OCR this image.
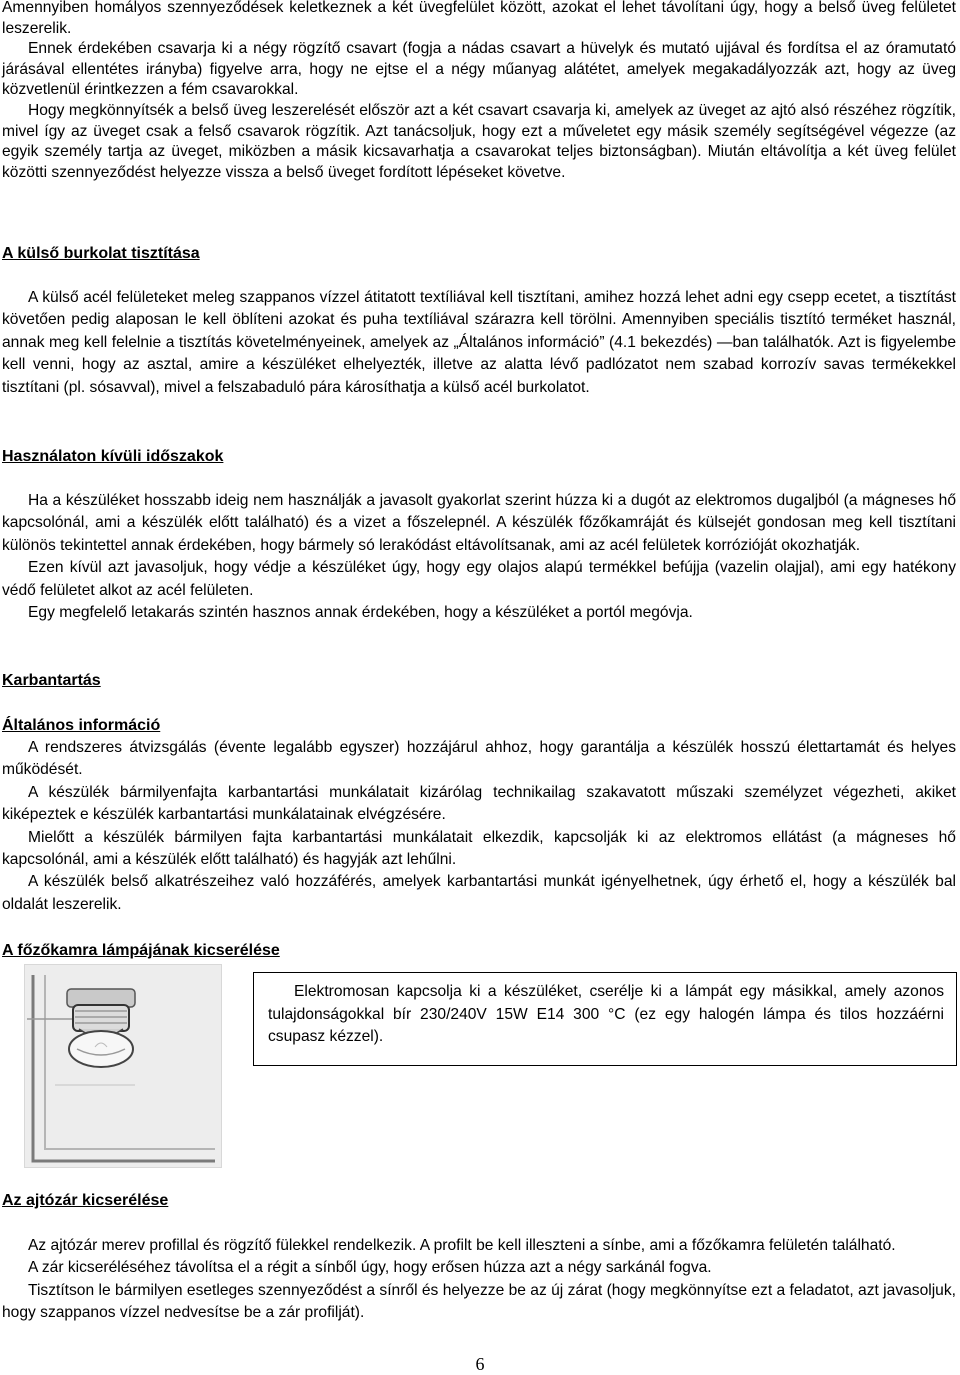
Amennyiben homályos szennyeződések keletkeznek a két üvegfelület között, azokat el lehet távolítani úgy, hogy a belső üveg felületet leszerelik.

Ennek érdekében csavarja ki a négy rögzítő csavart (fogja a nádas csavart a hüvelyk és mutató ujjával és fordítsa el az óramutató járásával ellentétes irányba) figyelve arra, hogy ne ejtse el a négy műanyag alátétet, amelyek megakadályozzák azt, hogy az üveg közvetlenül érintkezzen a fém csavarokkal.

Hogy megkönnyítsék a belső üveg leszerelését először azt a két csavart csavarja ki, amelyek az üveget az ajtó alsó részéhez rögzítik, mivel így az üveget csak a felső csavarok rögzítik. Azt tanácsoljuk, hogy ezt a műveletet egy másik személy segítségével végezze (az egyik személy tartja az üveget, miközben a másik kicsavarhatja a csavarokat teljes biztonságban). Miután eltávolítja a két üveg felület közötti szennyeződést helyezze vissza a belső üveget fordított lépéseket követve.

A külső burkolat tisztítása

A külső acél felületeket meleg szappanos vízzel átitatott textíliával kell tisztítani, amihez hozzá lehet adni egy csepp ecetet, a tisztítást követően pedig alaposan le kell öblíteni azokat és puha textíliával szárazra kell törölni. Amennyiben speciális tisztító terméket használ, annak meg kell felelnie a tisztítás követelményeinek, amelyek az „Általános információ” (4.1 bekezdés) —ban találhatók. Azt is figyelembe kell venni, hogy az asztal, amire a készüléket elhelyezték, illetve az alatta lévő padlózatot nem szabad korrozív savas termékekkel tisztítani (pl. sósavval), mivel a felszabaduló pára károsíthatja a külső acél burkolatot.

Használaton kívüli időszakok

Ha a készüléket hosszabb ideig nem használják a javasolt gyakorlat szerint húzza ki a dugót az elektromos dugaljból (a mágneses hő kapcsolónál, ami a készülék előtt található) és a vizet a főszelepnél. A készülék főzőkamráját és külsejét gondosan meg kell tisztítani különös tekintettel annak érdekében, hogy bármely só lerakódást eltávolítsanak, ami az acél felületek korrózióját okozhatják.

Ezen kívül azt javasoljuk, hogy védje a készüléket úgy, hogy egy olajos alapú termékkel befújja (vazelin olajjal), ami egy hatékony védő felületet alkot az acél felületen.

Egy megfelelő letakarás szintén hasznos annak érdekében, hogy a készüléket a portól megóvja.

Karbantartás
Általános információ

A rendszeres átvizsgálás (évente legalább egyszer) hozzájárul ahhoz, hogy garantálja a készülék hosszú élettartamát és helyes működését.

A készülék bármilyenfajta karbantartási munkálatait kizárólag technikailag szakavatott műszaki személyzet végezheti, akiket kiképeztek e készülék karbantartási munkálatainak elvégzésére.

Mielőtt a készülék bármilyen fajta karbantartási munkálatait elkezdik, kapcsolják ki az elektromos ellátást (a mágneses hő kapcsolónál, ami a készülék előtt található) és hagyják azt lehűlni.

A készülék belső alkatrészeihez való hozzáférés, amelyek karbantartási munkát igényelhetnek, úgy érhető el, hogy a készülék bal oldalát leszerelik.

A főzőkamra lámpájának kicserélése

Elektromosan kapcsolja ki a készüléket, cserélje ki a lámpát egy másikkal, amely azonos tulajdonságokkal bír 230/240V 15W E14 300 °C (ez egy halogén lámpa és tilos hozzáérni csupasz kézzel).

Az ajtózár kicserélése

Az ajtózár merev profillal és rögzítő fülekkel rendelkezik. A profilt be kell illeszteni a sínbe, ami a főzőkamra felületén található.

A zár kicseréléséhez távolítsa el a régit a sínből úgy, hogy erősen húzza azt a négy sarkánál fogva.

Tisztítson le bármilyen esetleges szennyeződést a sínről és helyezze be az új zárat (hogy megkönnyítse ezt a feladatot, azt javasoljuk, hogy szappanos vízzel nedvesítse be a zár profilját).

6
